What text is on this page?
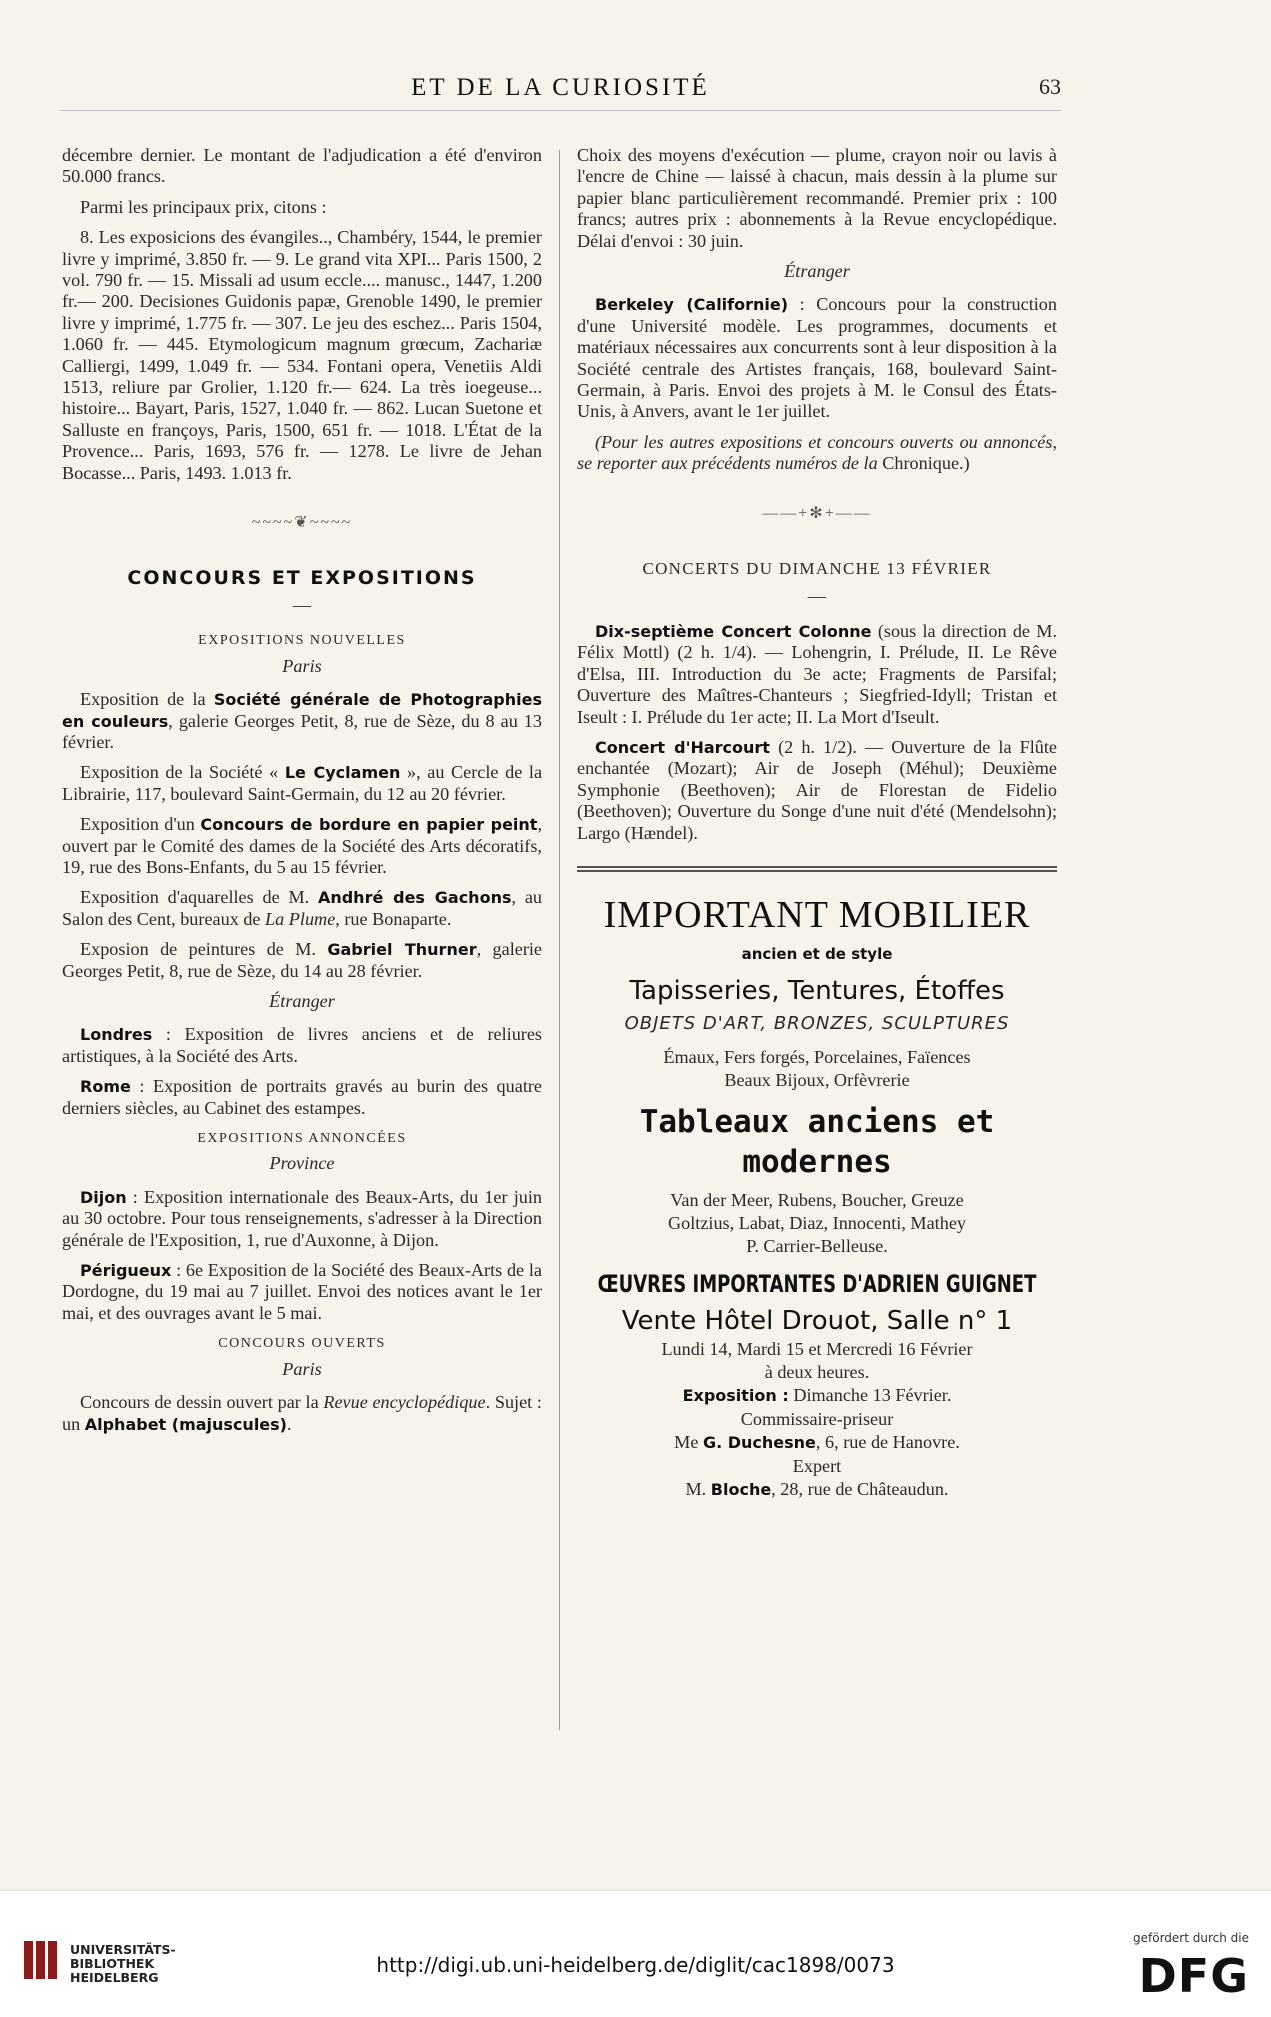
ET DE LA CURIOSITÉ	63

décembre dernier. Le montant de l'adjudication a été d'environ 50.000 francs.

Parmi les principaux prix, citons :

8. Les exposicions des évangiles.., Chambéry, 1544, le premier livre y imprimé, 3.850 fr. — 9. Le grand vita XPI... Paris 1500, 2 vol. 790 fr. — 15. Missali ad usum eccle.... manusc., 1447, 1.200 fr.— 200. Decisiones Guidonis papæ, Grenoble 1490, le premier livre y imprimé, 1.775 fr. — 307. Le jeu des eschez... Paris 1504, 1.060 fr. — 445. Etymologicum magnum grœcum, Zachariæ Calliergi, 1499, 1.049 fr. — 534. Fontani opera, Venetiis Aldi 1513, reliure par Grolier, 1.120 fr.— 624. La très ioegeuse... histoire... Bayart, Paris, 1527, 1.040 fr. — 862. Lucan Suetone et Salluste en françoys, Paris, 1500, 651 fr. — 1018. L'État de la Provence... Paris, 1693, 576 fr. — 1278. Le livre de Jehan Bocasse... Paris, 1493. 1.013 fr.

~~~~❦~~~~

CONCOURS ET EXPOSITIONS

—

EXPOSITIONS NOUVELLES

Paris

Exposition de la Société générale de Photographies en couleurs, galerie Georges Petit, 8, rue de Sèze, du 8 au 13 février.

Exposition de la Société « Le Cyclamen », au Cercle de la Librairie, 117, boulevard Saint-Germain, du 12 au 20 février.

Exposition d'un Concours de bordure en papier peint, ouvert par le Comité des dames de la Société des Arts décoratifs, 19, rue des Bons-Enfants, du 5 au 15 février.

Exposition d'aquarelles de M. Andhré des Gachons, au Salon des Cent, bureaux de La Plume, rue Bonaparte.

Exposion de peintures de M. Gabriel Thurner, galerie Georges Petit, 8, rue de Sèze, du 14 au 28 février.

Étranger

Londres : Exposition de livres anciens et de reliures artistiques, à la Société des Arts.

Rome : Exposition de portraits gravés au burin des quatre derniers siècles, au Cabinet des estampes.

EXPOSITIONS ANNONCÉES

Province

Dijon : Exposition internationale des Beaux-Arts, du 1er juin au 30 octobre. Pour tous renseignements, s'adresser à la Direction générale de l'Exposition, 1, rue d'Auxonne, à Dijon.

Périgueux : 6e Exposition de la Société des Beaux-Arts de la Dordogne, du 19 mai au 7 juillet. Envoi des notices avant le 1er mai, et des ouvrages avant le 5 mai.

CONCOURS OUVERTS

Paris

Concours de dessin ouvert par la Revue encyclopédique. Sujet : un Alphabet (majuscules).

Choix des moyens d'exécution — plume, crayon noir ou lavis à l'encre de Chine — laissé à chacun, mais dessin à la plume sur papier blanc particulièrement recommandé. Premier prix : 100 francs; autres prix : abonnements à la Revue encyclopédique. Délai d'envoi : 30 juin.

Étranger

Berkeley (Californie) : Concours pour la construction d'une Université modèle. Les programmes, documents et matériaux nécessaires aux concurrents sont à leur disposition à la Société centrale des Artistes français, 168, boulevard Saint-Germain, à Paris. Envoi des projets à M. le Consul des États-Unis, à Anvers, avant le 1er juillet.

(Pour les autres expositions et concours ouverts ou annoncés, se reporter aux précédents numéros de la Chronique.)

——+✻+——

CONCERTS DU DIMANCHE 13 FÉVRIER

—

Dix-septième Concert Colonne (sous la direction de M. Félix Mottl) (2 h. 1/4). — Lohengrin, I. Prélude, II. Le Rêve d'Elsa, III. Introduction du 3e acte; Fragments de Parsifal; Ouverture des Maîtres-Chanteurs ; Siegfried-Idyll; Tristan et Iseult : I. Prélude du 1er acte; II. La Mort d'Iseult.

Concert d'Harcourt (2 h. 1/2). — Ouverture de la Flûte enchantée (Mozart); Air de Joseph (Méhul); Deuxième Symphonie (Beethoven); Air de Florestan de Fidelio (Beethoven); Ouverture du Songe d'une nuit d'été (Mendelsohn); Largo (Hændel).

IMPORTANT MOBILIER

ancien et de style

Tapisseries, Tentures, Étoffes

OBJETS D'ART, BRONZES, SCULPTURES

Émaux, Fers forgés, Porcelaines, Faïences

Beaux Bijoux, Orfèvrerie

Tableaux anciens et modernes

Van der Meer, Rubens, Boucher, Greuze

Goltzius, Labat, Diaz, Innocenti, Mathey

P. Carrier-Belleuse.

ŒUVRES IMPORTANTES D'ADRIEN GUIGNET

Vente Hôtel Drouot, Salle n° 1

Lundi 14, Mardi 15 et Mercredi 16 Février

à deux heures.

Exposition : Dimanche 13 Février.

Commissaire-priseur

Me G. Duchesne, 6, rue de Hanovre.

Expert

M. Bloche, 28, rue de Châteaudun.

UNIVERSITÄTS-
BIBLIOTHEK
HEIDELBERG
http://digi.ub.uni-heidelberg.de/diglit/cac1898/0073
gefördert durch die
DFG
